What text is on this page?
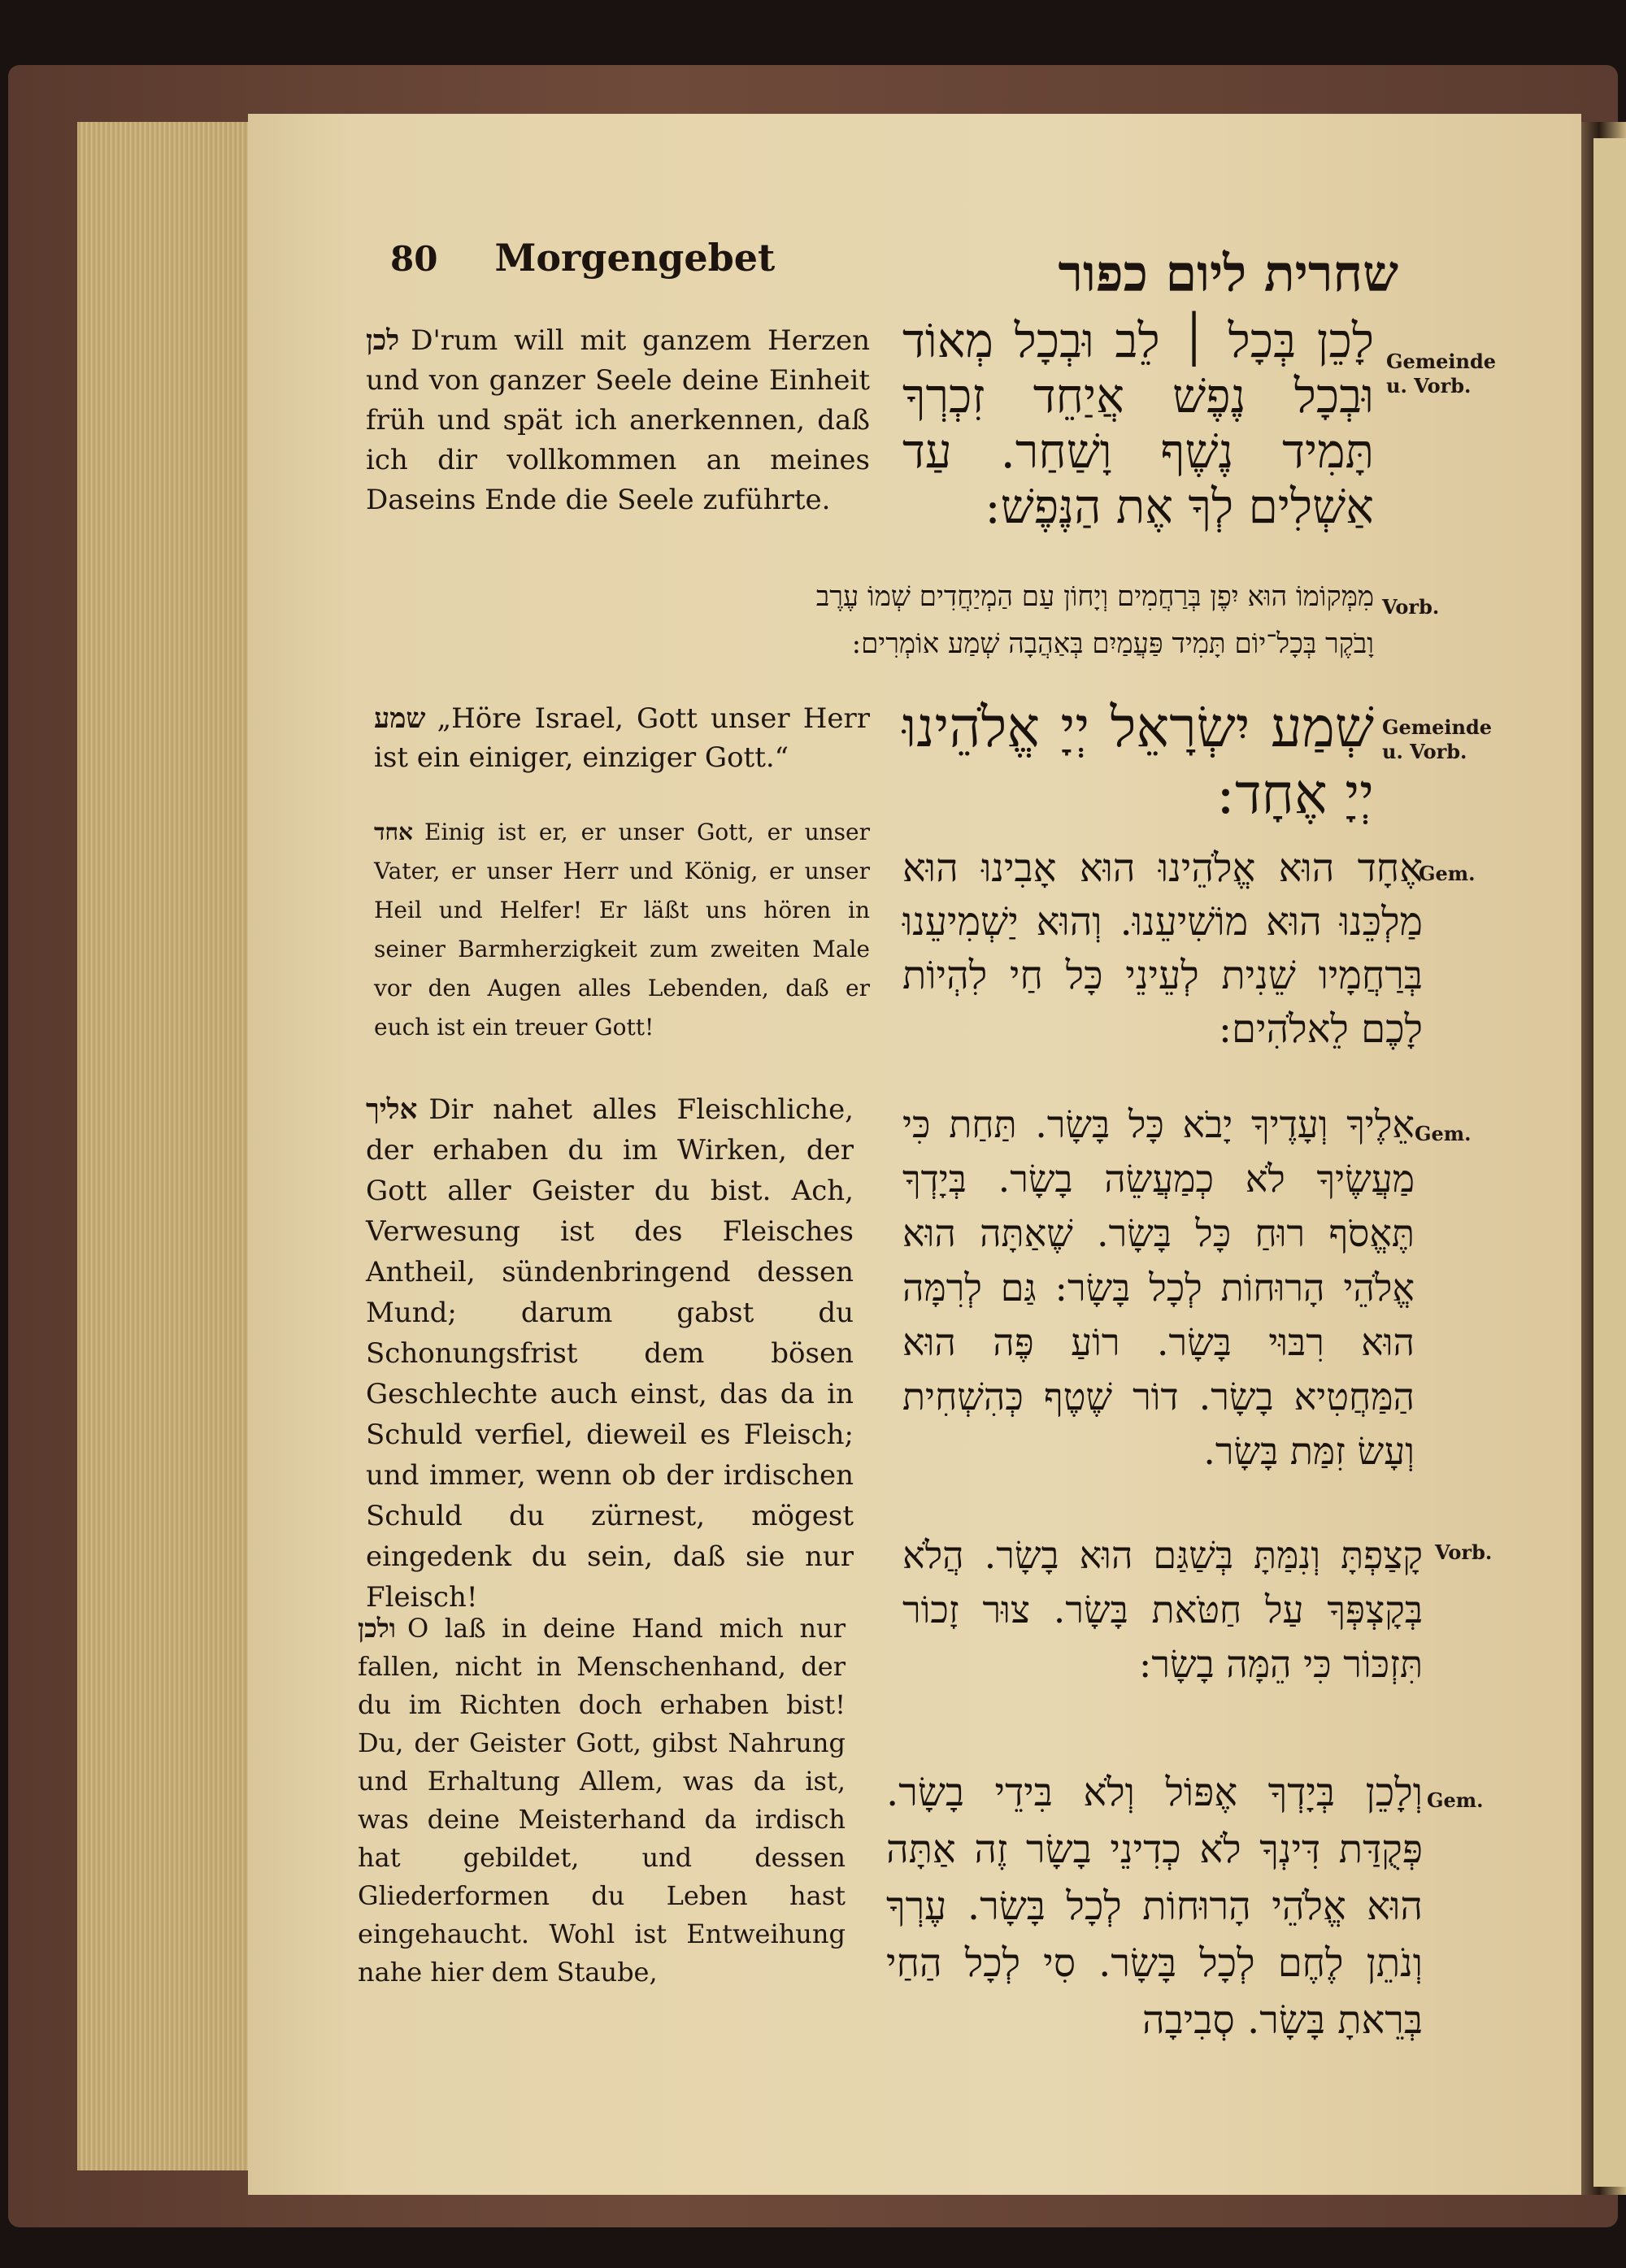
80 Morgengebet	שחרית ליום כפור
לכן D'rum will mit ganzem Herzen und von ganzer Seele deine Einheit früh und spät ich anerkennen, daß ich dir vollkommen an meines Daseins Ende die Seele zuführte.
Gemeinde u. Vorb.
לָכֵן בְּכָל ׀ לֵב וּבְכָל מְאוֹד וּבְכָל נֶפֶשׁ אֲיַחֵד זִכְרְךָ תָּמִיד נֶשֶׁף וָשַׁחַר. עַד אַשְׁלִים לְךָ אֶת הַנֶּפֶשׁ:
Vorb.
מִמְּקוֹמוֹ הוּא יִפֶן בְּרַחֲמִים וְיָחוֹן עַם הַמְיַחֲדִים שְׁמוֹ עֶרֶב
וָבֹקֶר בְּכָל־יוֹם תָּמִיד פַּעֲמַיִם בְּאַהֲבָה שְׁמַע אוֹמְרִים:
שמע „Höre Israel, Gott unser Herr ist ein einiger, einziger Gott.“
Gemeinde u. Vorb.
שְׁמַע יִשְׂרָאֵל יְיָ אֱלֹהֵינוּ יְיָ אֶחָד:
אחד Einig ist er, er unser Gott, er unser Vater, er unser Herr und König, er unser Heil und Helfer! Er läßt uns hören in seiner Barmherzigkeit zum zweiten Male vor den Augen alles Lebenden, daß er euch ist ein treuer Gott!
Gem.
אֶחָד הוּא אֱלֹהֵינוּ הוּא אָבִינוּ הוּא מַלְכֵּנוּ הוּא מוֹשִׁיעֵנוּ. וְהוּא יַשְׁמִיעֵנוּ בְּרַחֲמָיו שֵׁנִית לְעֵינֵי כָּל חַי לִהְיוֹת לָכֶם לֵאלֹהִים:
אליך Dir nahet alles Fleischliche, der erhaben du im Wirken, der Gott aller Geister du bist. Ach, Verwesung ist des Fleisches Antheil, sündenbringend dessen Mund; darum gabst du Schonungsfrist dem bösen Geschlechte auch einst, das da in Schuld verfiel, dieweil es Fleisch; und immer, wenn ob der irdischen Schuld du zürnest, mögest eingedenk du sein, daß sie nur Fleisch!
Gem.
אֵלֶיךָ וְעָדֶיךָ יָבֹא כָּל בָּשָׂר. תַּחַת כִּי מַעֲשֶׂיךָ לֹא כְמַעֲשֵׂה בָשָׂר. בְּיָדְךָ תֶּאֱסֹף רוּחַ כָּל בָּשָׂר. שֶׁאַתָּה הוּא אֱלֹהֵי הָרוּחוֹת לְכָל בָּשָׂר: גַּם לְרִמָּה הוּא רִבּוּי בָּשָׂר. רוֹעַ פֶּה הוּא הַמַּחֲטִיא בָשָׂר. דוֹר שֶׁטֶף כְּהִשְׁחִית וְעָשׂ זִמַּת בָּשָׂר.
Vorb.
קָצַפְתָּ וְנִמַּתָּ בְּשַׁגַּם הוּא בָשָׂר. הֲלֹא בְּקָצְפְּךָ עַל חַטֹּאת בָּשָׂר. צוּר זָכוֹר תִּזְכּוֹר כִּי הֵמָּה בָשָׂר:
ולכן O laß in deine Hand mich nur fallen, nicht in Menschenhand, der du im Richten doch erhaben bist! Du, der Geister Gott, gibst Nahrung und Erhaltung Allem, was da ist, was deine Meisterhand da irdisch hat gebildet, und dessen Gliederformen du Leben hast eingehaucht. Wohl ist Entweihung nahe hier dem Staube,
Gem.
וְלָכֵן בְּיָדְךָ אֶפּוֹל וְלֹא בִּידֵי בָשָׂר. פְּקֻדַּת דִּינְךָ לֹא כְדִינֵי בָשָׂר זֶה אַתָּה הוּא אֱלֹהֵי הָרוּחוֹת לְכָל בָּשָׂר. עֶרְךָ וְנֹתֵן לֶחֶם לְכָל בָּשָׂר. סִי לְכָל הַחַי בְּרֵאתָ בָּשָׂר. סְבִיבָה
